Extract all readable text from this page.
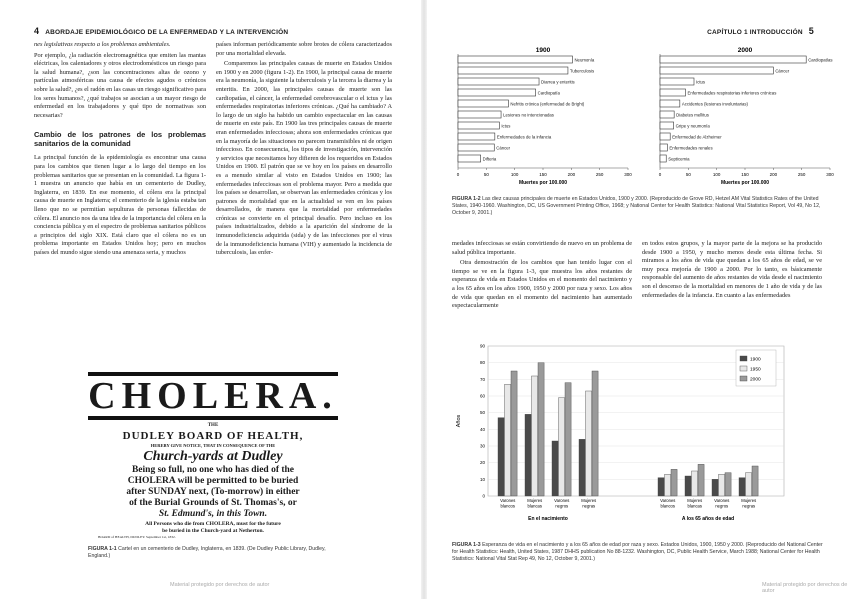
4 ABORDAJE EPIDEMIOLÓGICO DE LA ENFERMEDAD Y LA INTERVENCIÓN

nes legislativas respecto a los problemas ambientales.

Por ejemplo, ¿la radiación electromagnética que emiten las mantas eléctricas, los calentadores y otros electrodomésticos un riesgo para la salud humana?, ¿son las concentraciones altas de ozono y partículas atmosféricas una causa de efectos agudos o crónicos sobre la salud?, ¿es el radón en las casas un riesgo significativo para los seres humanos?, ¿qué trabajos se asocian a un mayor riesgo de enfermedad en los trabajadores y qué tipo de normativas son necesarias?

Cambio de los patrones de los problemas sanitarios de la comunidad

La principal función de la epidemiología es encontrar una causa para los cambios que tienen lugar a lo largo del tiempo en los problemas sanitarios que se presentan en la comunidad. La figura 1-1 muestra un anuncio que había en un cementerio de Dudley, Inglaterra, en 1839. En ese momento, el cólera era la principal causa de muerte en Inglaterra; el cementerio de la iglesia estaba tan lleno que no se permitían sepulturas de personas fallecidas de cólera. El anuncio nos da una idea de la importancia del cólera en la conciencia pública y en el espectro de problemas sanitarios públicos a principios del siglo XIX. Está claro que el cólera no es un problema importante en Estados Unidos hoy; pero en muchos países del mundo sigue siendo una amenaza seria, y muchos

países informan periódicamente sobre brotes de cólera caracterizados por una mortalidad elevada.

Comparemos las principales causas de muerte en Estados Unidos en 1900 y en 2000 (figura 1-2). En 1900, la principal causa de muerte era la neumonía, la siguiente la tuberculosis y la tercera la diarrea y la enteritis. En 2000, las principales causas de muerte son las cardiopatías, el cáncer, la enfermedad cerebrovascular o el ictus y las enfermedades respiratorias inferiores crónicas. ¿Qué ha cambiado? A lo largo de un siglo ha habido un cambio espectacular en las causas de muerte en este país. En 1900 las tres principales causas de muerte eran enfermedades infecciosas; ahora son enfermedades crónicas que en la mayoría de las situaciones no parecen transmisibles ni de origen infeccioso. En consecuencia, los tipos de investigación, intervención y servicios que necesitamos hoy difieren de los requeridos en Estados Unidos en 1900. El patrón que se ve hoy en los países en desarrollo es a menudo similar al visto en Estados Unidos en 1900; las enfermedades infecciosas son el problema mayor. Pero a medida que los países se desarrollan, se observan las enfermedades crónicas y los patrones de mortalidad que en la actualidad se ven en los países desarrollados, de manera que la mortalidad por enfermedades crónicas se convierte en el principal desafío. Pero incluso en los países industrializados, debido a la aparición del síndrome de la inmunodeficiencia adquirida (sida) y de las infecciones por el virus de la inmunodeficiencia humana (VIH) y aumentado la incidencia de tuberculosis, las enfer-

CHOLERA.
THE
DUDLEY BOARD OF HEALTH,
HEREBY GIVE NOTICE, THAT IN CONSEQUENCE OF THE
Church-yards at Dudley
Being so full, no one who has died of the
CHOLERA will be permitted to be buried
after SUNDAY next, (To-morrow) in either
of the Burial Grounds of St. Thomas's, or
St. Edmund's, in this Town.
All Persons who die from CHOLERA, must for the future
be buried in the Church-yard at Netherton.
BOARD of HEALTH, DUDLEY. September 1st, 1832.
FIGURA 1-1 Cartel en un cementerio de Dudley, Inglaterra, en 1839. (De Dudley Public Library, Dudley, England.)
Material protegido por derechos de autor
CAPÍTULO 1 INTRODUCCIÓN 5
1900
Neumonía
Tuberculosis
Diarrea y enteritis
Cardiopatía
Nefritis crónica (enfermedad de Bright)
Lesiones no intencionadas
Ictus
Enfermedades de la infancia
Cáncer
Difteria
0	50	100	150	200	250	300
Muertes por 100.000
2000
Cardiopatías
Cáncer
Ictus
Enfermedades respiratorias inferiores crónicas
Accidentes (lesiones involuntarias)
Diabetes mellitus
Gripe y neumonía
Enfermedad de Alzheimer
Enfermedades renales
Septicemia
0	50	100	150	200	250	300
Muertes por 100.000
FIGURA 1-2 Las diez causas principales de muerte en Estados Unidos, 1900 y 2000. (Reproducido de Grove RD, Hetzel AM Vital Statistics Rates of the United States, 1940-1960. Washington, DC, US Government Printing Office, 1968; y National Center for Health Statistics: National Vital Statistics Report, Vol 49, No 12, October 9, 2001.)

medades infecciosas se están convirtiendo de nuevo en un problema de salud pública importante.

Otra demostración de los cambios que han tenido lugar con el tiempo se ve en la figura 1-3, que muestra los años restantes de esperanza de vida en Estados Unidos en el momento del nacimiento y a los 65 años en los años 1900, 1950 y 2000 por raza y sexo. Los años de vida que quedan en el momento del nacimiento han aumentado espectacularmente

en todos estos grupos, y la mayor parte de la mejora se ha producido desde 1900 a 1950, y mucho menos desde esta última fecha. Si miramos a los años de vida que quedan a los 65 años de edad, se ve muy poca mejoría de 1900 a 2000. Por lo tanto, es básicamente responsable del aumento de años restantes de vida desde el nacimiento son el descenso de la mortalidad en menores de 1 año de vida y de las enfermedades de la infancia. En cuanto a las enfermedades

0
10
20
30
40
50
60
70
80
90
Años
Varones
blancos
Mujeres
blancas
Varones
negros
Mujeres
negras
Varones
blancos
Mujeres
blancas
Varones
negros
Mujeres
negras
En el nacimiento	A los 65 años de edad
1900
1950
2000
FIGURA 1-3 Esperanza de vida en el nacimiento y a los 65 años de edad por raza y sexo. Estados Unidos, 1900, 1950 y 2000. (Reproducido del National Center for Health Statistics: Health, United States, 1987 DHHS publication No 88-1232. Washington, DC, Public Health Service, March 1988; National Center for Health Statistics: National Vital Stat Rep 49, No 12, October 9, 2001.)
Material protegido por derechos de autor
